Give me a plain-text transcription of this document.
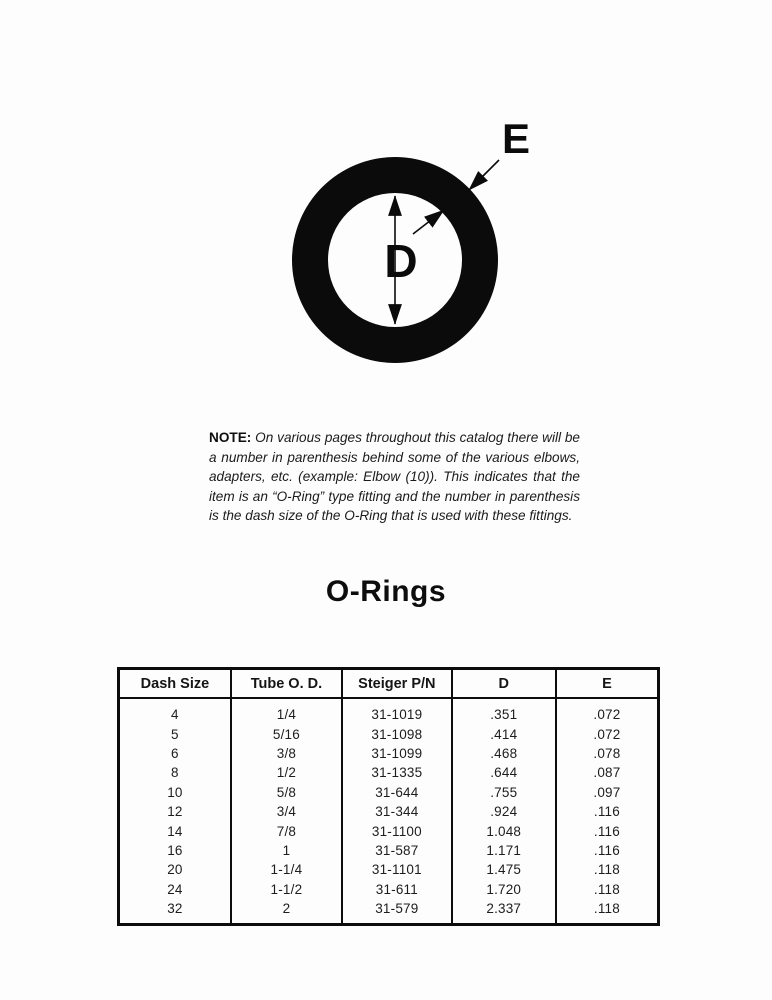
D
E

NOTE: On various pages throughout this catalog there will be a number in parenthesis behind some of the various elbows, adapters, etc. (example: Elbow (10)). This indicates that the item is an “O-Ring” type fitting and the number in parenthesis is the dash size of the O-Ring that is used with these fittings.

O-Rings
Dash Size	Tube O. D.	Steiger P/N	D	E
4	1/4	31-1019	.351	.072
5	5/16	31-1098	.414	.072
6	3/8	31-1099	.468	.078
8	1/2	31-1335	.644	.087
10	5/8	31-644	.755	.097
12	3/4	31-344	.924	.116
14	7/8	31-1100	1.048	.116
16	1	31-587	1.171	.116
20	1-1/4	31-1101	1.475	.118
24	1-1/2	31-611	1.720	.118
32	2	31-579	2.337	.118
